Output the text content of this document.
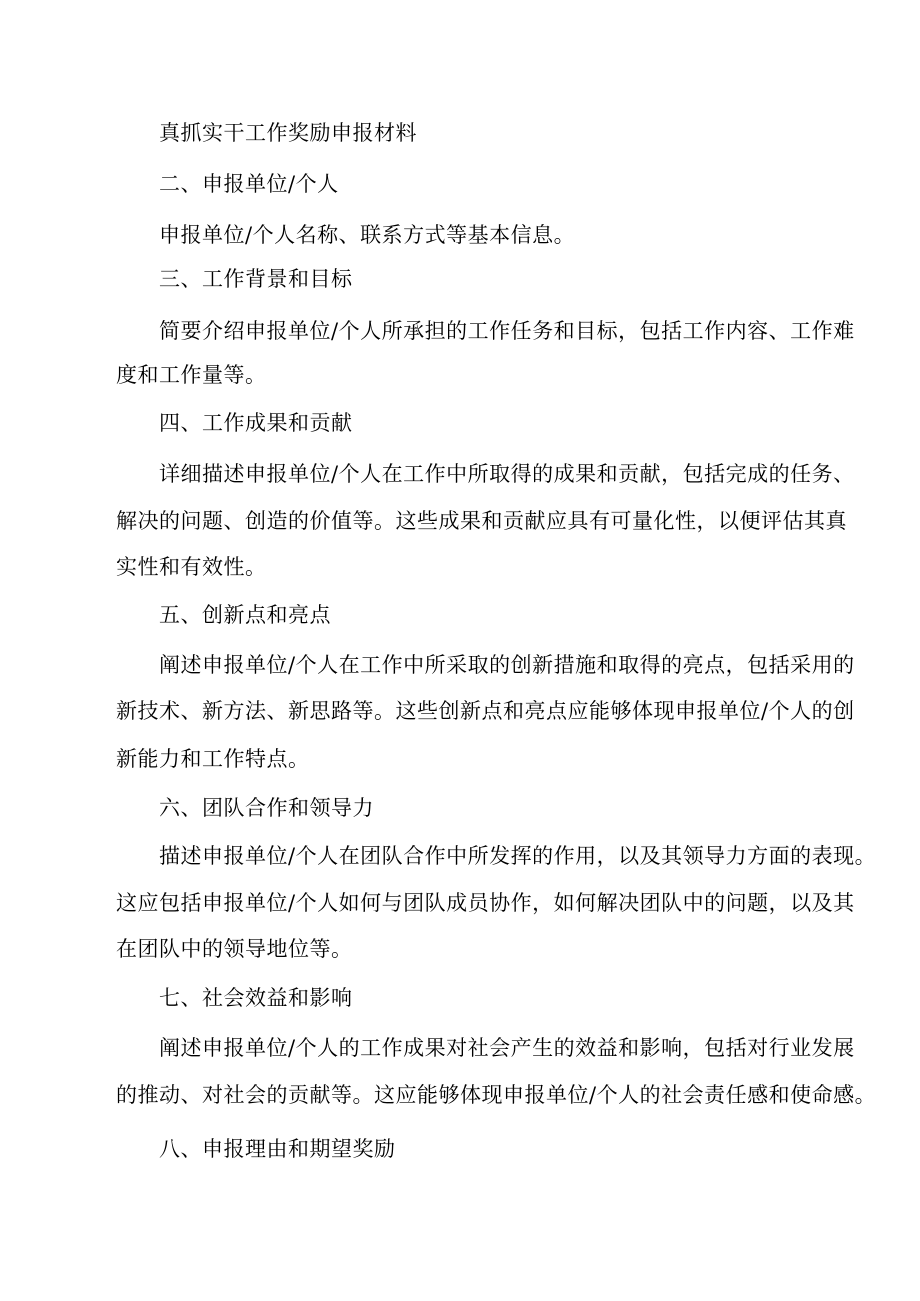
真抓实干工作奖励申报材料
二、申报单位/个人
申报单位/个人名称、联系方式等基本信息。
三、工作背景和目标
简要介绍申报单位/个人所承担的工作任务和目标，包括工作内容、工作难
度和工作量等。
四、工作成果和贡献
详细描述申报单位/个人在工作中所取得的成果和贡献，包括完成的任务、
解决的问题、创造的价值等。这些成果和贡献应具有可量化性，以便评估其真
实性和有效性。
五、创新点和亮点
阐述申报单位/个人在工作中所采取的创新措施和取得的亮点，包括采用的
新技术、新方法、新思路等。这些创新点和亮点应能够体现申报单位/个人的创
新能力和工作特点。
六、团队合作和领导力
描述申报单位/个人在团队合作中所发挥的作用，以及其领导力方面的表现。
这应包括申报单位/个人如何与团队成员协作，如何解决团队中的问题，以及其
在团队中的领导地位等。
七、社会效益和影响
阐述申报单位/个人的工作成果对社会产生的效益和影响，包括对行业发展
的推动、对社会的贡献等。这应能够体现申报单位/个人的社会责任感和使命感。
八、申报理由和期望奖励
